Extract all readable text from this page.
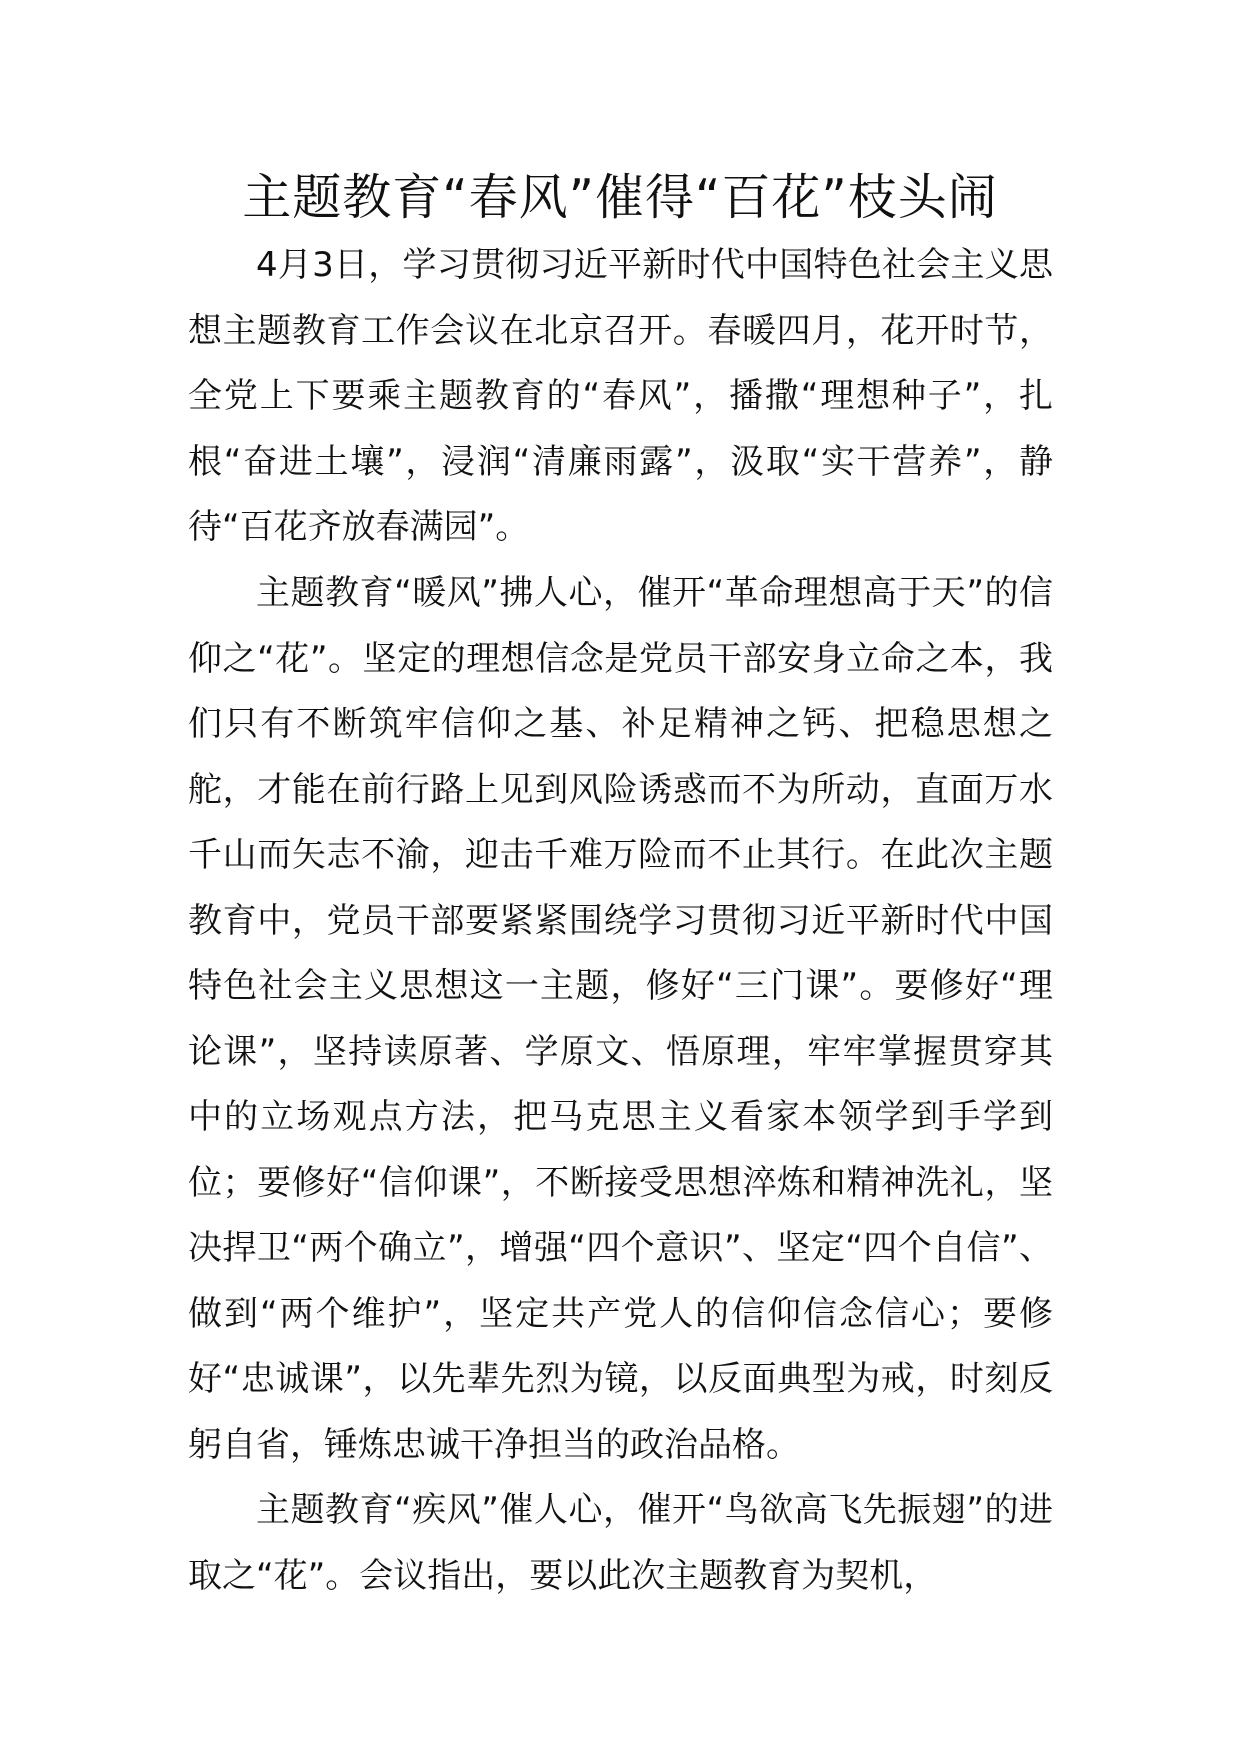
主题教育“春风”催得“百花”枝头闹

4月3日，学习贯彻习近平新时代中国特色社会主义思想主题教育工作会议在北京召开。春暖四月，花开时节，全党上下要乘主题教育的“春风”，播撒“理想种子”，扎根“奋进土壤”，浸润“清廉雨露”，汲取“实干营养”，静待“百花齐放春满园”。

主题教育“暖风”拂人心，催开“革命理想高于天”的信仰之“花”。坚定的理想信念是党员干部安身立命之本，我们只有不断筑牢信仰之基、补足精神之钙、把稳思想之舵，才能在前行路上见到风险诱惑而不为所动，直面万水千山而矢志不渝，迎击千难万险而不止其行。在此次主题教育中，党员干部要紧紧围绕学习贯彻习近平新时代中国特色社会主义思想这一主题，修好“三门课”。要修好“理论课”，坚持读原著、学原文、悟原理，牢牢掌握贯穿其中的立场观点方法，把马克思主义看家本领学到手学到位；要修好“信仰课”，不断接受思想淬炼和精神洗礼，坚决捍卫“两个确立”，增强“四个意识”、坚定“四个自信”、做到“两个维护”，坚定共产党人的信仰信念信心；要修好“忠诚课”，以先辈先烈为镜，以反面典型为戒，时刻反躬自省，锤炼忠诚干净担当的政治品格。

主题教育“疾风”催人心，催开“鸟欲高飞先振翅”的进取之“花”。会议指出，要以此次主题教育为契机，
